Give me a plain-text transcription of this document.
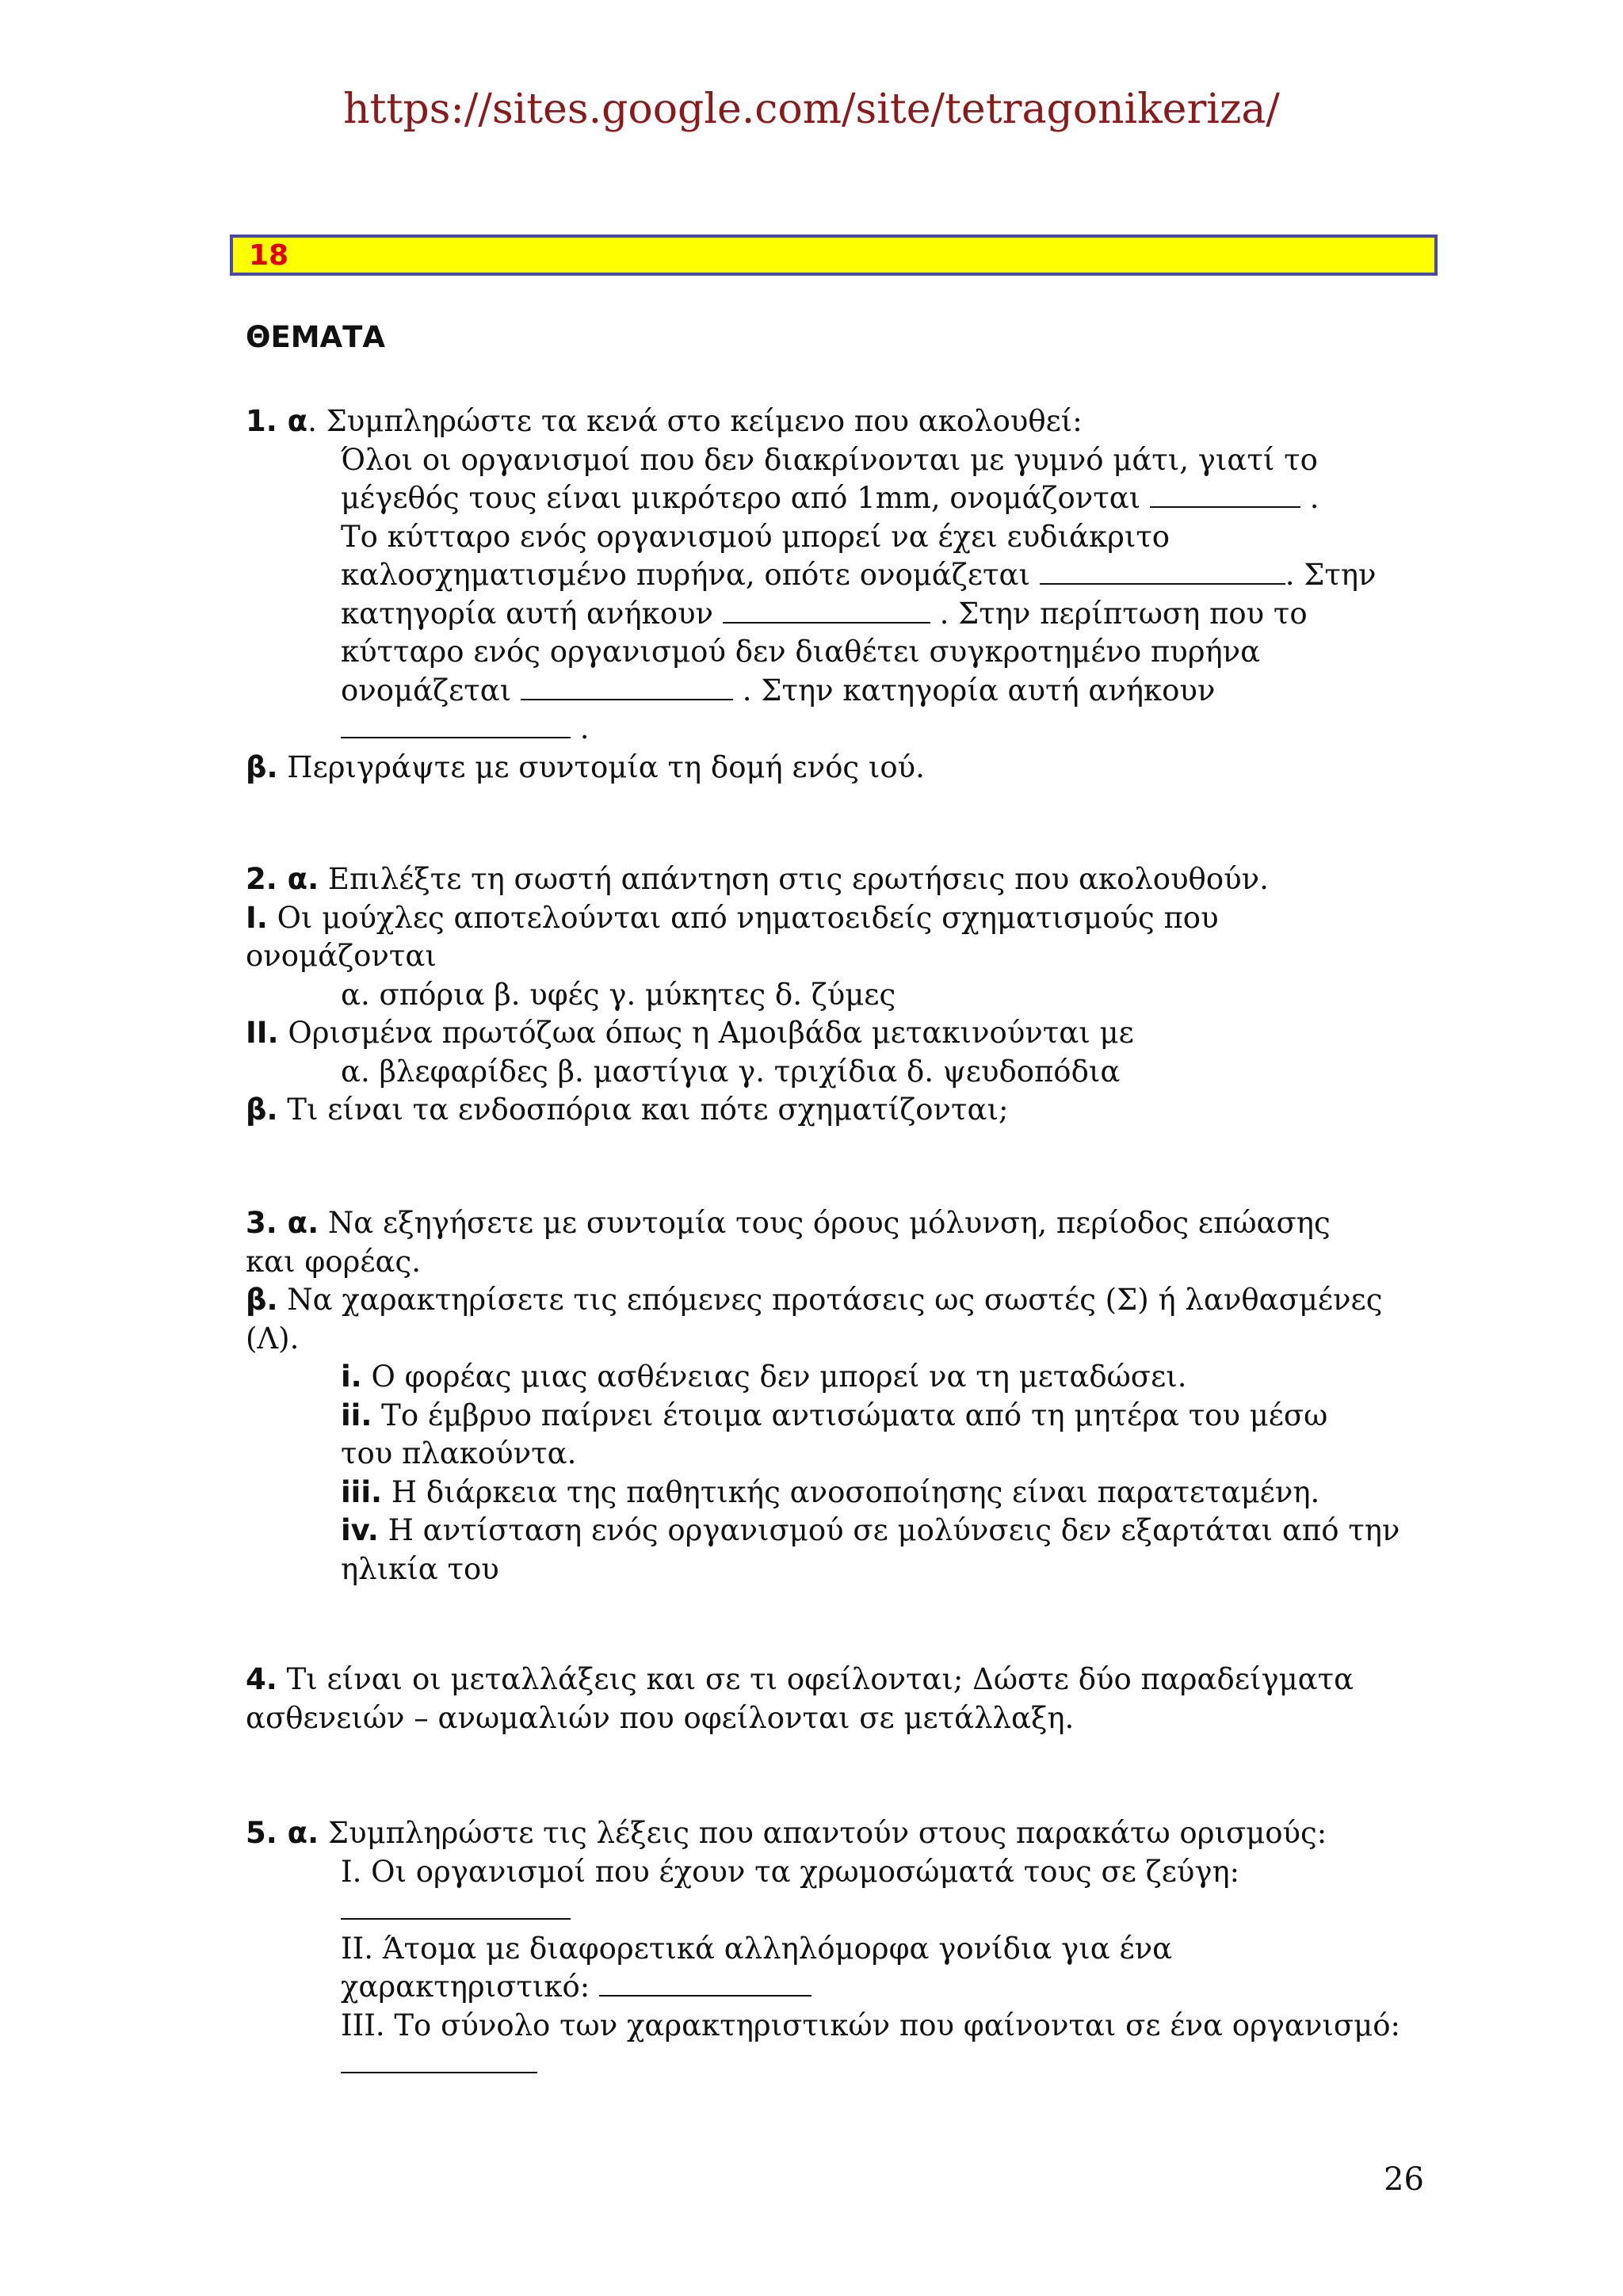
https://sites.google.com/site/tetragonikeriza/
18
ΘΕΜΑΤΑ
1. α. Συμπληρώστε τα κενά στο κείμενο που ακολουθεί:
Όλοι οι οργανισμοί που δεν διακρίνονται με γυμνό μάτι, γιατί το
μέγεθός τους είναι μικρότερο από 1mm, ονομάζονται	.
Το κύτταρο ενός οργανισμού μπορεί να έχει ευδιάκριτο
καλοσχηματισμένο πυρήνα, οπότε ονομάζεται	. Στην
κατηγορία αυτή ανήκουν	. Στην περίπτωση που το
κύτταρο ενός οργανισμού δεν διαθέτει συγκροτημένο πυρήνα
ονομάζεται	. Στην κατηγορία αυτή ανήκουν
.
β. Περιγράψτε με συντομία τη δομή ενός ιού.
2. α. Επιλέξτε τη σωστή απάντηση στις ερωτήσεις που ακολουθούν.
I. Οι μούχλες αποτελούνται από νηματοειδείς σχηματισμούς που
ονομάζονται
α. σπόρια β. υφές γ. μύκητες δ. ζύμες
II. Ορισμένα πρωτόζωα όπως η Αμοιβάδα μετακινούνται με
α. βλεφαρίδες β. μαστίγια γ. τριχίδια δ. ψευδοπόδια
β. Τι είναι τα ενδοσπόρια και πότε σχηματίζονται;
3. α. Να εξηγήσετε με συντομία τους όρους μόλυνση, περίοδος επώασης
και φορέας.
β. Να χαρακτηρίσετε τις επόμενες προτάσεις ως σωστές (Σ) ή λανθασμένες
(Λ).
i. Ο φορέας μιας ασθένειας δεν μπορεί να τη μεταδώσει.
ii. Το έμβρυο παίρνει έτοιμα αντισώματα από τη μητέρα του μέσω
του πλακούντα.
iii. Η διάρκεια της παθητικής ανοσοποίησης είναι παρατεταμένη.
iv. Η αντίσταση ενός οργανισμού σε μολύνσεις δεν εξαρτάται από την
ηλικία του
4. Τι είναι οι μεταλλάξεις και σε τι οφείλονται; Δώστε δύο παραδείγματα
ασθενειών – ανωμαλιών που οφείλονται σε μετάλλαξη.
5. α. Συμπληρώστε τις λέξεις που απαντούν στους παρακάτω ορισμούς:
Ι. Οι οργανισμοί που έχουν τα χρωμοσώματά τους σε ζεύγη:
ΙΙ. Άτομα με διαφορετικά αλληλόμορφα γονίδια για ένα
χαρακτηριστικό:
ΙΙΙ. Το σύνολο των χαρακτηριστικών που φαίνονται σε ένα οργανισμό:
26
